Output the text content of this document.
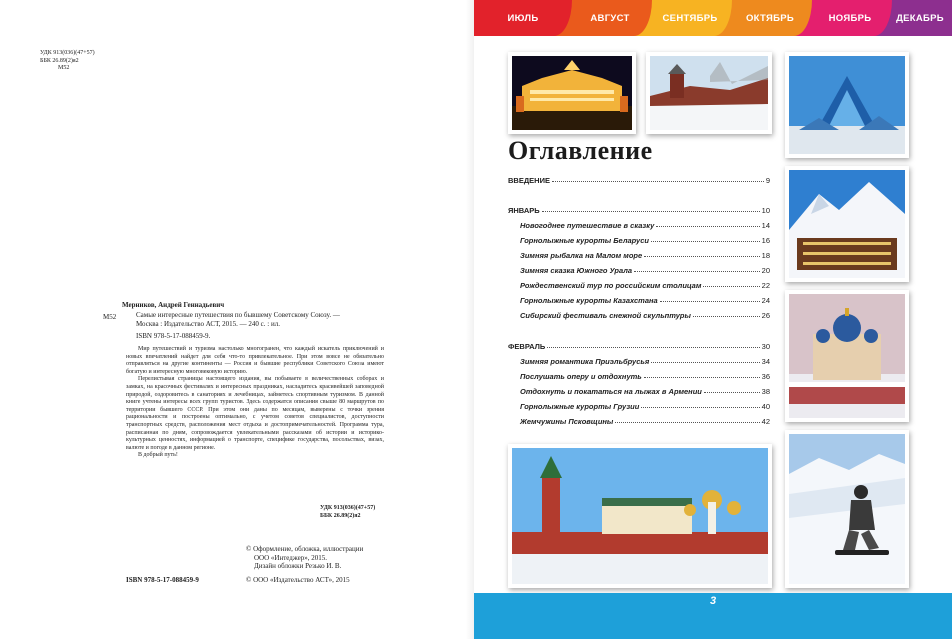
УДК 913(036)(47+57)
ББК 26.89(2)я2
М52
М52
Мерников, Андрей Геннадьевич
Самые интересные путешествия по бывшему Советскому Союзу. —
Москва : Издательство АСТ, 2015. — 240 с. : ил.
ISBN 978-5-17-088459-9.

Мир путешествий и туризма настолько многогранен, что каждый искатель приключений и новых впечатлений найдет для себя что-то привлекательное. При этом вовсе не обязательно отправляться на другие континенты — Россия и бывшие республики Советского Союза имеют богатую и интересную многовековую историю.

Перелистывая страницы настоящего издания, вы побываете в величественных соборах и замках, на красочных фестивалях и интересных праздниках, насладитесь красивейшей заповедной природой, оздоровитесь в санаториях и лечебницах, займетесь спортивным туризмом. В данной книге учтены интересы всех групп туристов. Здесь содержатся описания свыше 80 маршрутов по территории бывшего СССР. При этом они даны по месяцам, выверены с точки зрения рациональности и построены оптимально, с учетом советов специалистов, доступности транспортных средств, расположения мест отдыха и достопримечательностей. Программа тура, расписанная по дням, сопровождается увлекательными рассказами об истории и историко-культурных ценностях, информацией о транспорте, специфике государства, посольствах, визах, валюте и погоде в данном регионе.

В добрый путь!

УДК 913(036)(47+57)
ББК 26.89(2)я2
© Оформление, обложка, иллюстрации
ООО «Интеджер», 2015.
Дизайн обложки Резько И. В.
ISBN 978-5-17-088459-9	© ООО «Издательство АСТ», 2015
ИЮЛЬ	АВГУСТ	СЕНТЯБРЬ	ОКТЯБРЬ	НОЯБРЬ	ДЕКАБРЬ
Оглавление
ВВЕДЕНИЕ	9
ЯНВАРЬ	10
Новогоднее путешествие в сказку	14
Горнолыжные курорты Беларуси	16
Зимняя рыбалка на Малом море	18
Зимняя сказка Южного Урала	20
Рождественский тур по российским столицам	22
Горнолыжные курорты Казахстана	24
Сибирский фестиваль снежной скульптуры	26
ФЕВРАЛЬ	30
Зимняя романтика Приэльбрусья	34
Послушать оперу и отдохнуть	36
Отдохнуть и покататься на лыжах в Армении	38
Горнолыжные курорты Грузии	40
Жемчужины Псковщины	42
3
